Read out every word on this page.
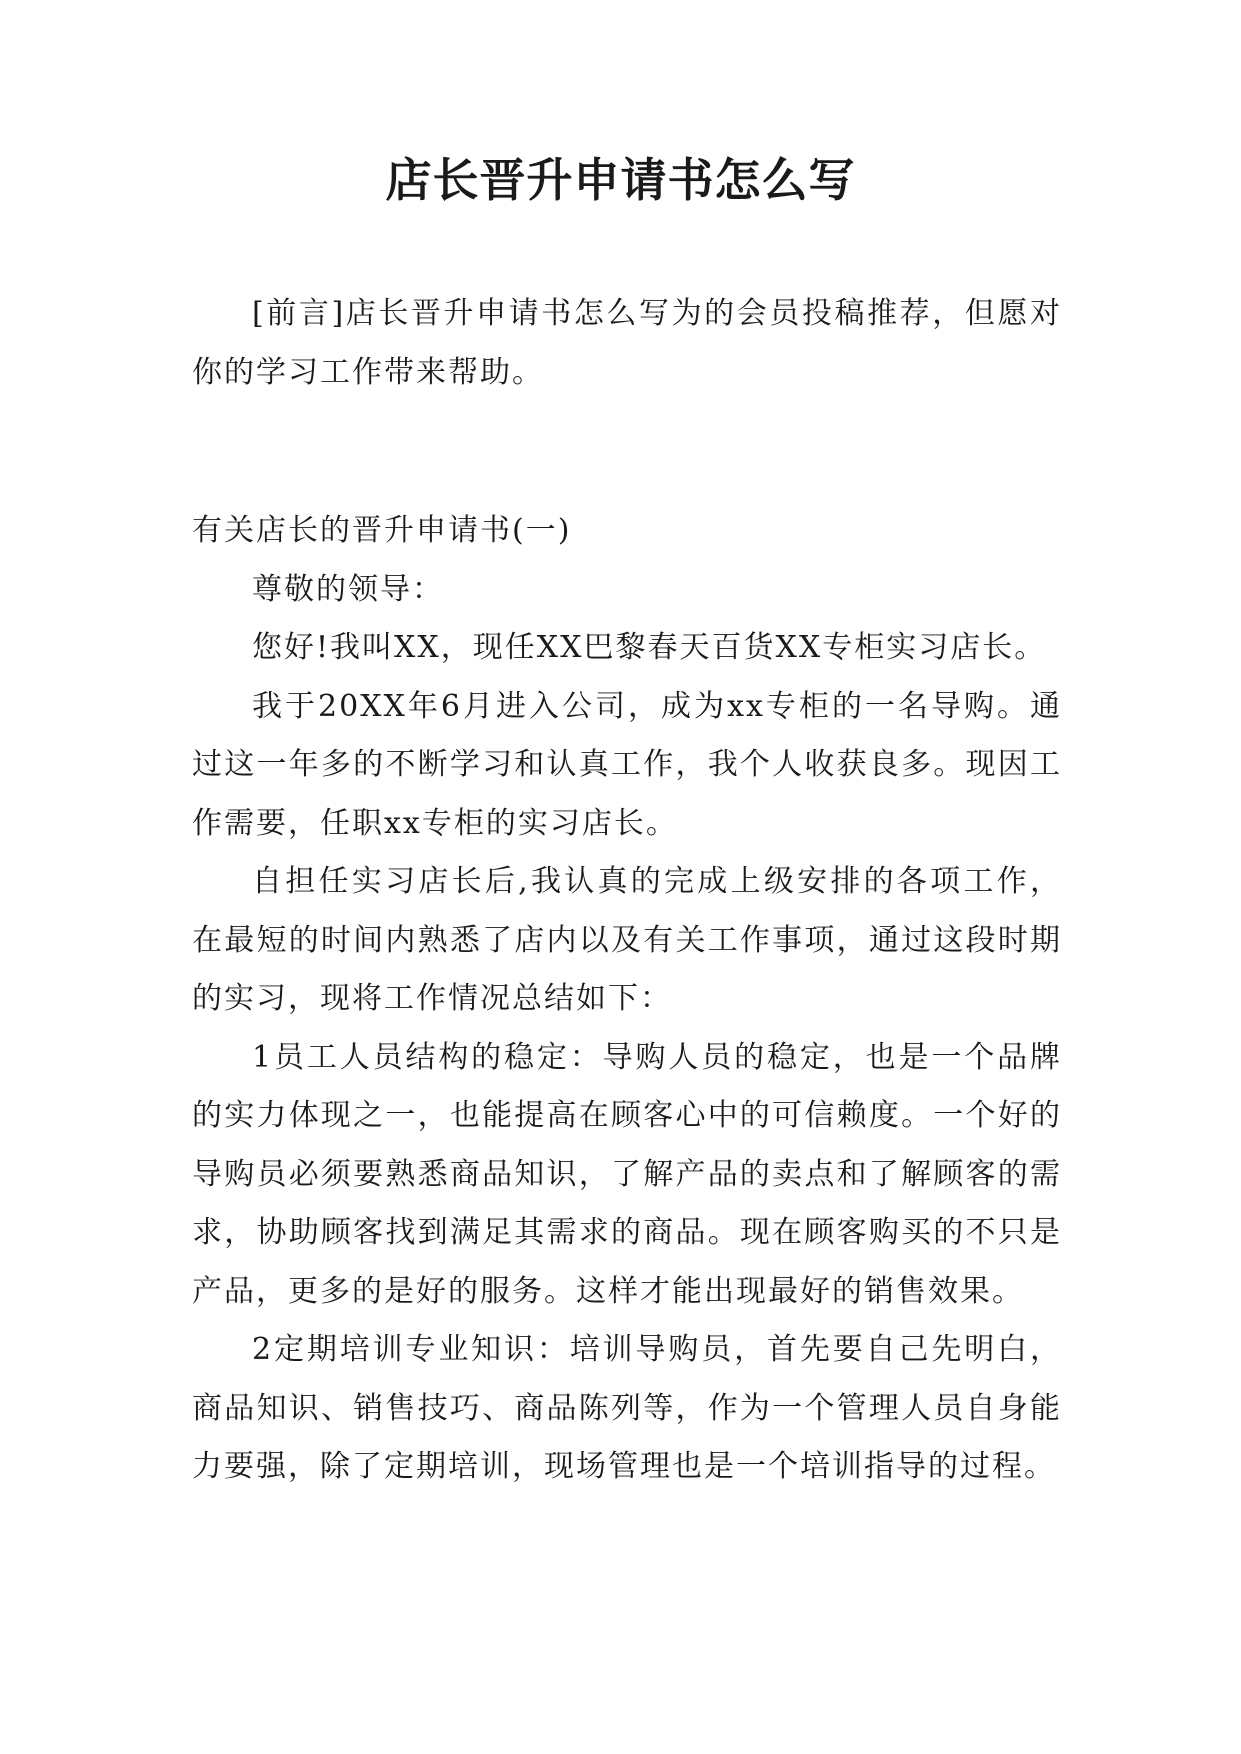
店长晋升申请书怎么写

[前言]店长晋升申请书怎么写为的会员投稿推荐，但愿对你的学习工作带来帮助。

有关店长的晋升申请书(一)

尊敬的领导：

您好!我叫XX，现任XX巴黎春天百货XX专柜实习店长。

我于20XX年6月进入公司，成为xx专柜的一名导购。通过这一年多的不断学习和认真工作，我个人收获良多。现因工作需要，任职xx专柜的实习店长。

自担任实习店长后,我认真的完成上级安排的各项工作，在最短的时间内熟悉了店内以及有关工作事项，通过这段时期的实习，现将工作情况总结如下：

1员工人员结构的稳定：导购人员的稳定，也是一个品牌的实力体现之一，也能提高在顾客心中的可信赖度。一个好的导购员必须要熟悉商品知识，了解产品的卖点和了解顾客的需求，协助顾客找到满足其需求的商品。现在顾客购买的不只是产品，更多的是好的服务。这样才能出现最好的销售效果。

2定期培训专业知识：培训导购员，首先要自己先明白，商品知识、销售技巧、商品陈列等，作为一个管理人员自身能力要强，除了定期培训，现场管理也是一个培训指导的过程。
